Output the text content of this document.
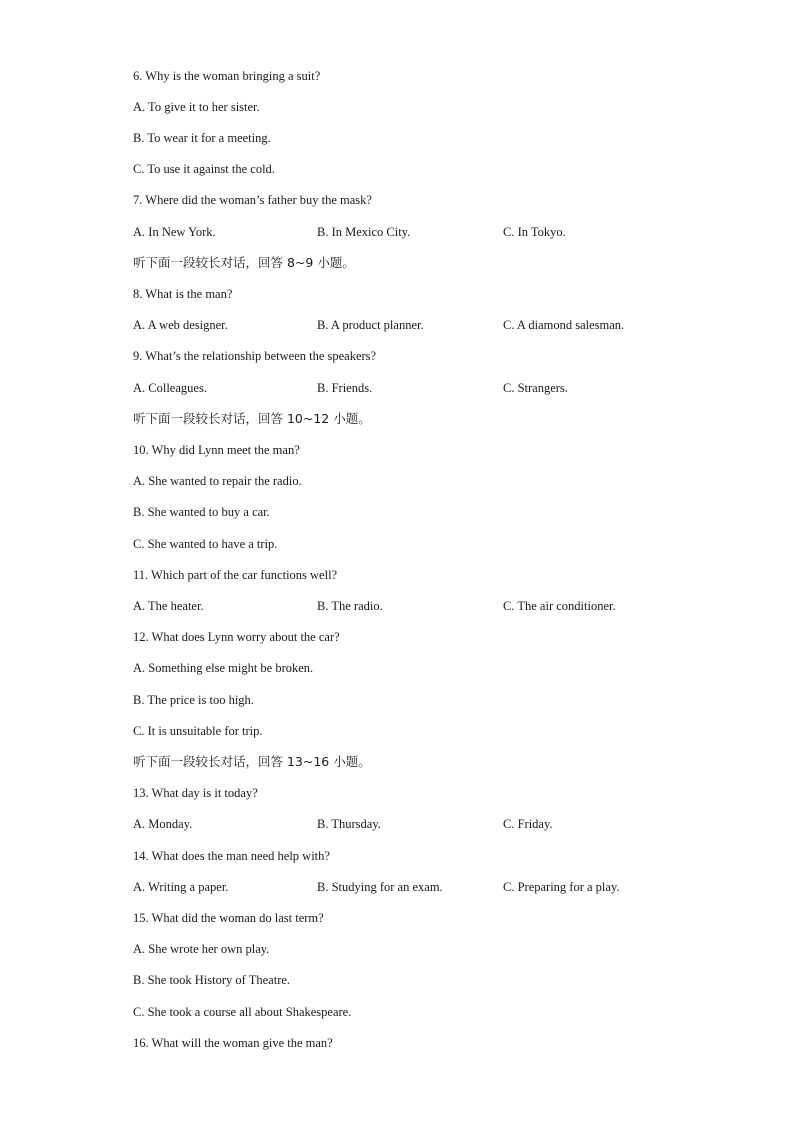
6. Why is the woman bringing a suit?
A. To give it to her sister.
B. To wear it for a meeting.
C. To use it against the cold.
7. Where did the woman’s father buy the mask?
A. In New York.	B. In Mexico City.	C. In Tokyo.
听下面一段较长对话，回答 8~9 小题。
8. What is the man?
A. A web designer.	B. A product planner.	C. A diamond salesman.
9. What’s the relationship between the speakers?
A. Colleagues.	B. Friends.	C. Strangers.
听下面一段较长对话，回答 10~12 小题。
10. Why did Lynn meet the man?
A. She wanted to repair the radio.
B. She wanted to buy a car.
C. She wanted to have a trip.
11. Which part of the car functions well?
A. The heater.	B. The radio.	C. The air conditioner.
12. What does Lynn worry about the car?
A. Something else might be broken.
B. The price is too high.
C. It is unsuitable for trip.
听下面一段较长对话，回答 13~16 小题。
13. What day is it today?
A. Monday.	B. Thursday.	C. Friday.
14. What does the man need help with?
A. Writing a paper.	B. Studying for an exam.	C. Preparing for a play.
15. What did the woman do last term?
A. She wrote her own play.
B. She took History of Theatre.
C. She took a course all about Shakespeare.
16. What will the woman give the man?
